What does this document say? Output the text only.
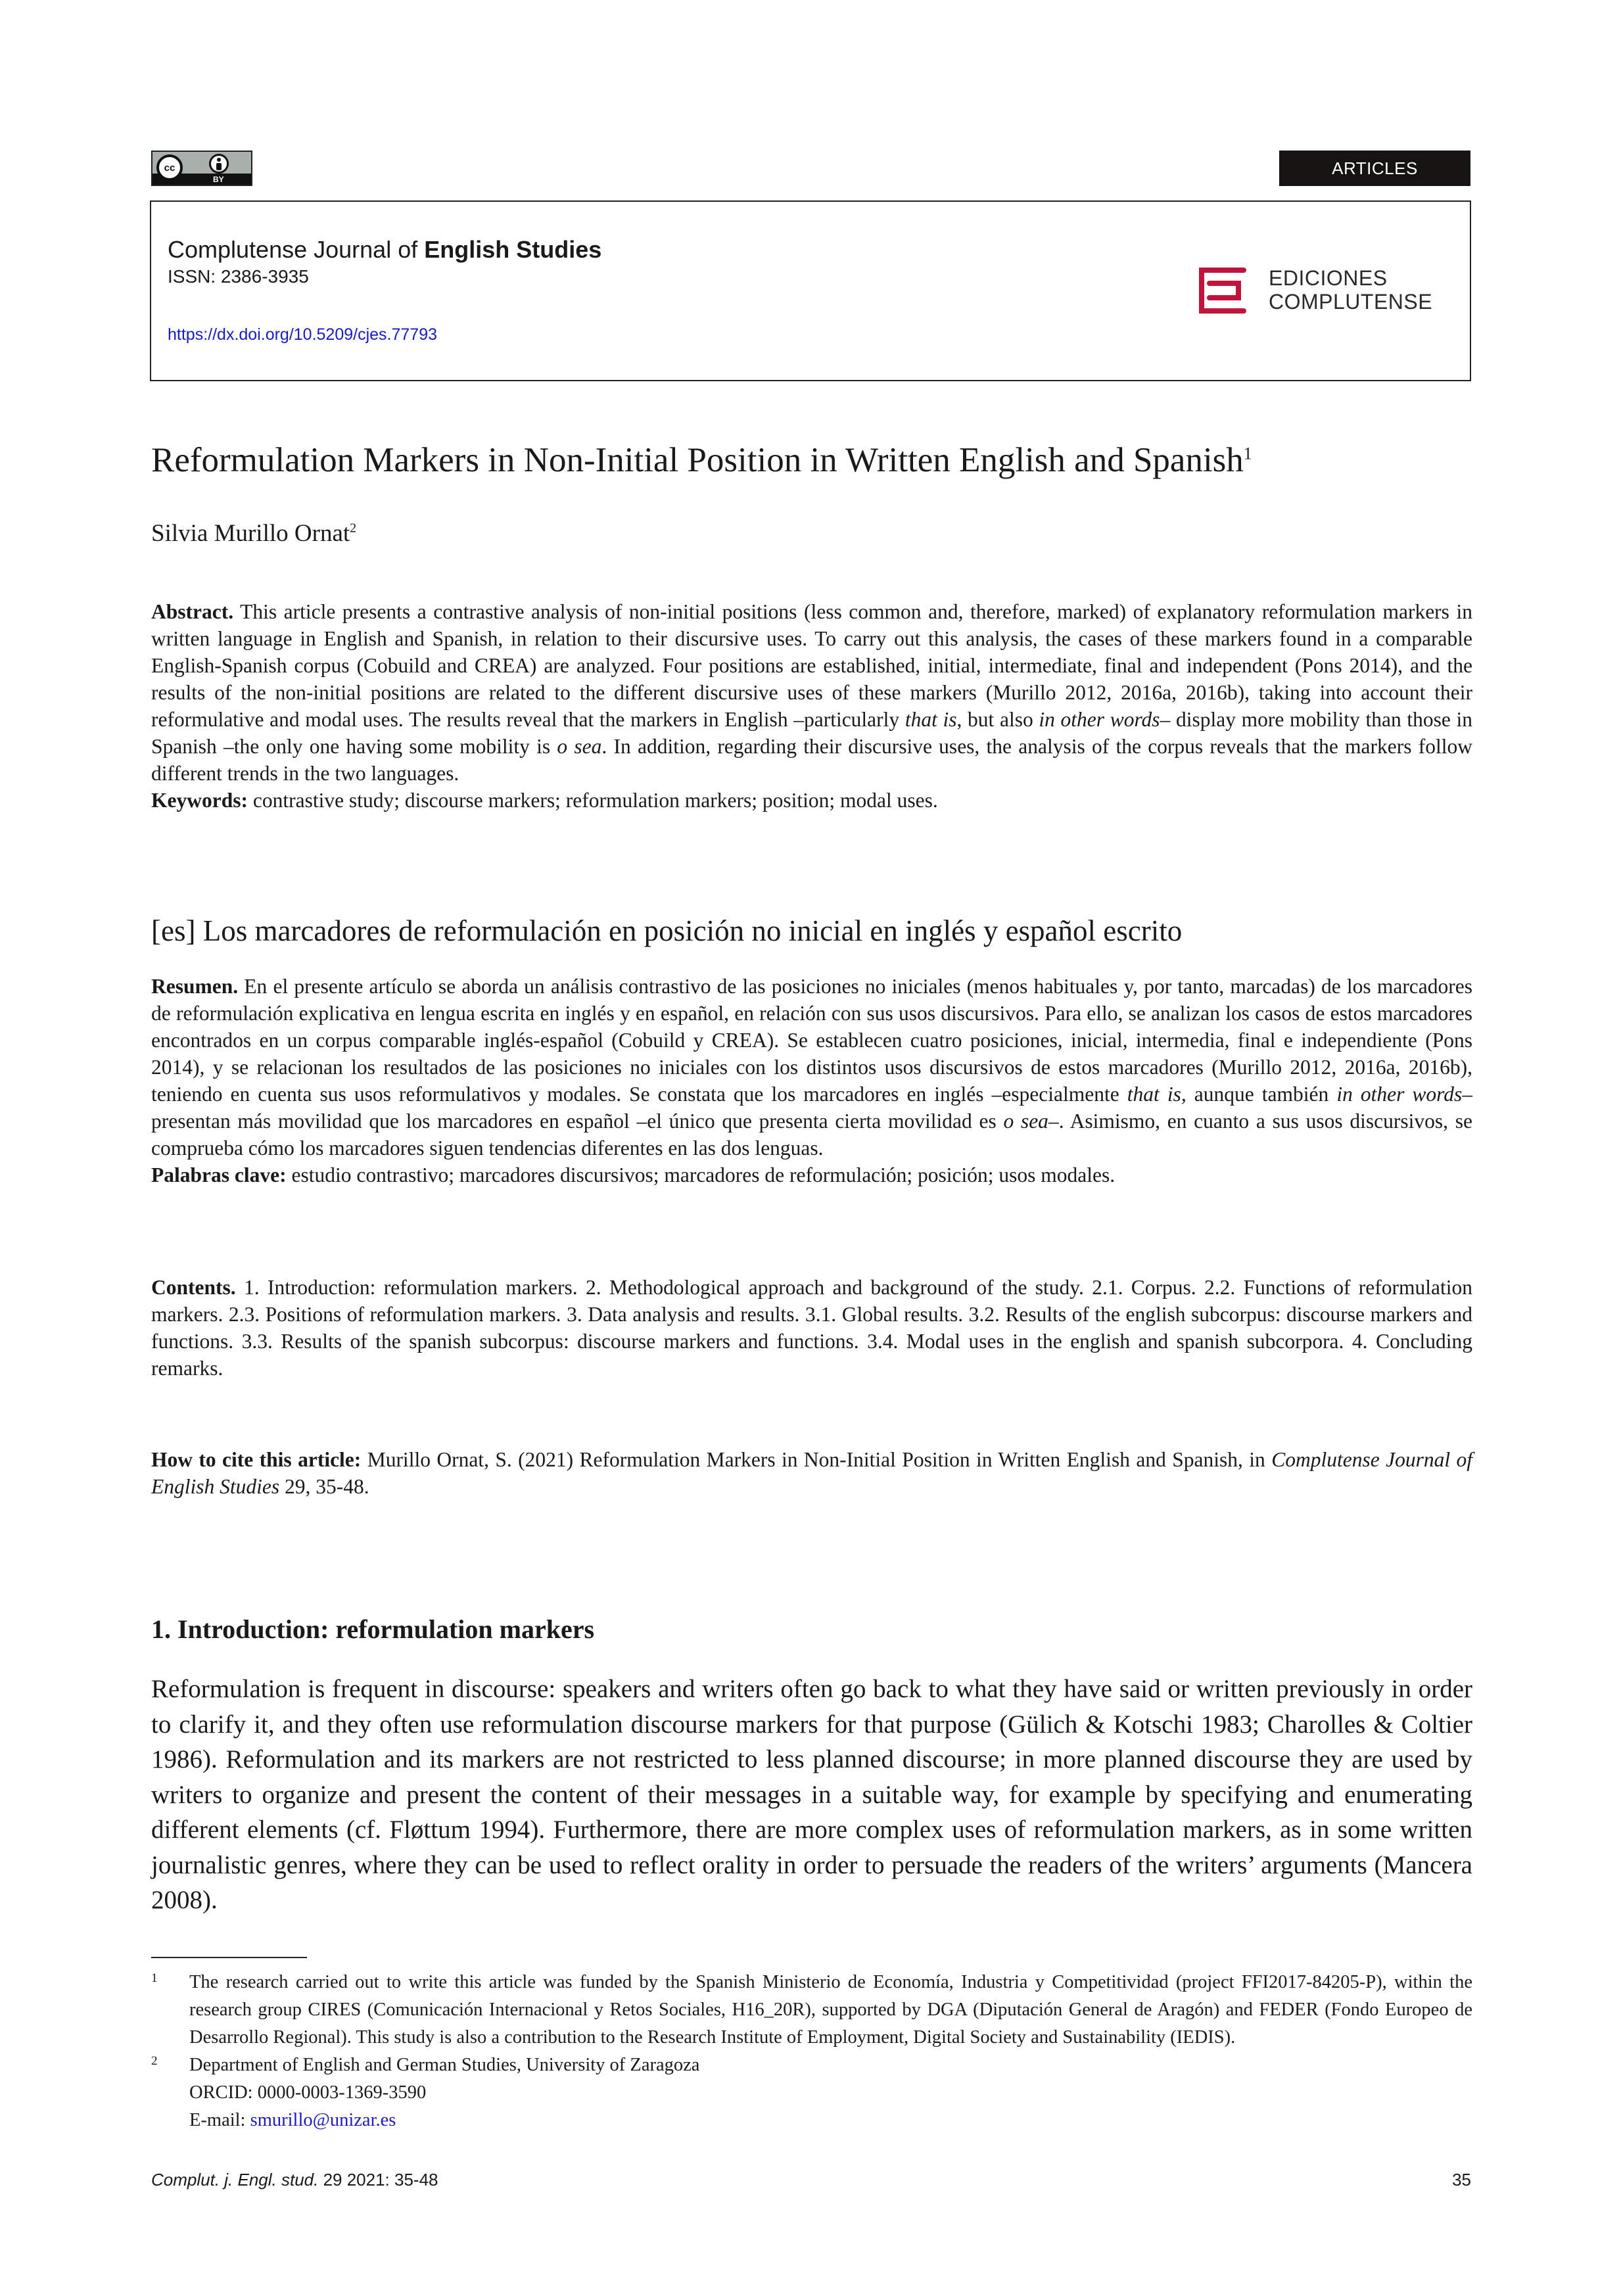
cc
BY
ARTICLES
Complutense Journal of English Studies
ISSN: 2386-3935
https://dx.doi.org/10.5209/cjes.77793
EDICIONES
COMPLUTENSE
Reformulation Markers in Non-Initial Position in Written English and Spanish$^1$
Silvia Murillo Ornat$^2$

Abstract. This article presents a contrastive analysis of non-initial positions (less common and, therefore, marked) of explanatory reformulation markers in written language in English and Spanish, in relation to their discursive uses. To carry out this analysis, the cases of these markers found in a comparable English-Spanish corpus (Cobuild and CREA) are analyzed. Four positions are established, initial, intermediate, final and independent (Pons 2014), and the results of the non-initial positions are related to the different discursive uses of these markers (Murillo 2012, 2016a, 2016b), taking into account their reformulative and modal uses. The results reveal that the markers in English –particularly that is, but also in other words– display more mobility than those in Spanish –the only one having some mobility is o sea. In addition, regarding their discursive uses, the analysis of the corpus reveals that the markers follow different trends in the two languages.

Keywords: contrastive study; discourse markers; reformulation markers; position; modal uses.

[es] Los marcadores de reformulación en posición no inicial en inglés y español escrito

Resumen. En el presente artículo se aborda un análisis contrastivo de las posiciones no iniciales (menos habituales y, por tanto, marcadas) de los marcadores de reformulación explicativa en lengua escrita en inglés y en español, en relación con sus usos discursivos. Para ello, se analizan los casos de estos marcadores encontrados en un corpus comparable inglés-español (Cobuild y CREA). Se establecen cuatro posiciones, inicial, intermedia, final e independiente (Pons 2014), y se relacionan los resultados de las posiciones no iniciales con los distintos usos discursivos de estos marcadores (Murillo 2012, 2016a, 2016b), teniendo en cuenta sus usos reformulativos y modales. Se constata que los marcadores en inglés –especialmente that is, aunque también in other words– presentan más movilidad que los marcadores en español –el único que presenta cierta movilidad es o sea–. Asimismo, en cuanto a sus usos discursivos, se comprueba cómo los marcadores siguen tendencias diferentes en las dos lenguas.

Palabras clave: estudio contrastivo; marcadores discursivos; marcadores de reformulación; posición; usos modales.

Contents. 1. Introduction: reformulation markers. 2. Methodological approach and background of the study. 2.1. Corpus. 2.2. Functions of reformulation markers. 2.3. Positions of reformulation markers. 3. Data analysis and results. 3.1. Global results. 3.2. Results of the english subcorpus: discourse markers and functions. 3.3. Results of the spanish subcorpus: discourse markers and functions. 3.4. Modal uses in the english and spanish subcorpora. 4. Concluding remarks.

How to cite this article: Murillo Ornat, S. (2021) Reformulation Markers in Non-Initial Position in Written English and Spanish, in Complutense Journal of English Studies 29, 35-48.

1. Introduction: reformulation markers

Reformulation is frequent in discourse: speakers and writers often go back to what they have said or written previously in order to clarify it, and they often use reformulation discourse markers for that purpose (Gülich & Kotschi 1983; Charolles & Coltier 1986). Reformulation and its markers are not restricted to less planned discourse; in more planned discourse they are used by writers to organize and present the content of their messages in a suitable way, for example by specifying and enumerating different elements (cf. Fløttum 1994). Furthermore, there are more complex uses of reformulation markers, as in some written journalistic genres, where they can be used to reflect orality in order to persuade the readers of the writers’ arguments (Mancera 2008).

1 The research carried out to write this article was funded by the Spanish Ministerio de Economía, Industria y Competitividad (project FFI2017-84205-P), within the research group CIRES (Comunicación Internacional y Retos Sociales, H16_20R), supported by DGA (Diputación General de Aragón) and FEDER (Fondo Europeo de Desarrollo Regional). This study is also a contribution to the Research Institute of Employment, Digital Society and Sustainability (IEDIS).
2 Department of English and German Studies, University of Zaragoza
ORCID: 0000-0003-1369-3590
E-mail: smurillo@unizar.es
Complut. j. Engl. stud. 29 2021: 35-48	35
